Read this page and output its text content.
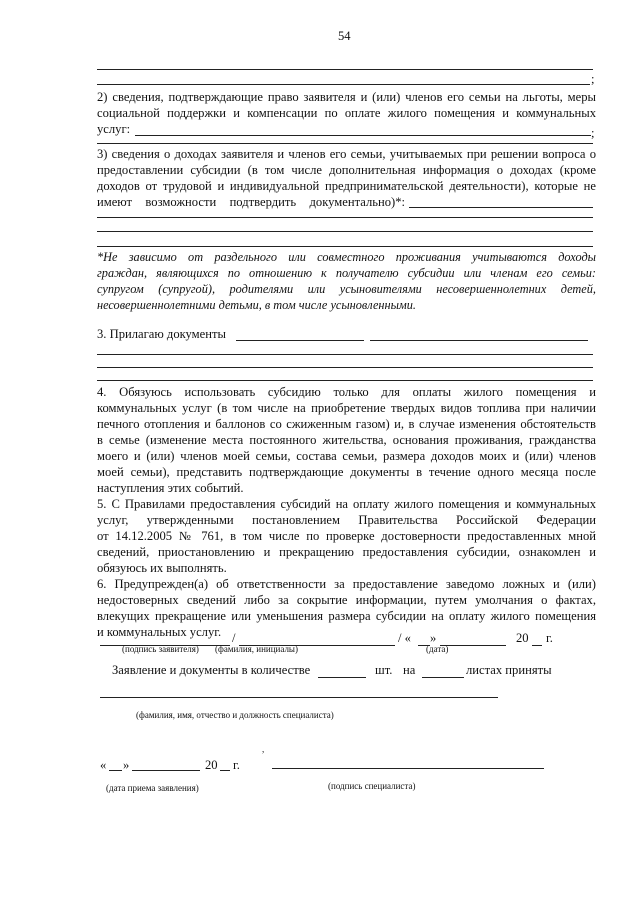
54
;
2) сведения, подтверждающие право заявителя и (или) членов его семьи на льготы, меры
социальной поддержки и компенсации по оплате жилого помещения и коммунальных
услуг:	;
3) сведения о доходах заявителя и членов его семьи, учитываемых при решении вопроса о
предоставлении субсидии (в том числе дополнительная информация о доходах (кроме
доходов от трудовой и индивидуальной предпринимательской деятельности), которые не
имеют возможности подтвердить документально)*:
*Не зависимо от раздельного или совместного проживания учитываются доходы
граждан, являющихся по отношению к получателю субсидии или членам его семьи:
супругом (супругой), родителями или усыновителями несовершеннолетних детей,
несовершеннолетними детьми, в том числе усыновленными.
3. Прилагаю документы
4. Обязуюсь использовать субсидию только для оплаты жилого помещения и
коммунальных услуг (в том числе на приобретение твердых видов топлива при наличии
печного отопления и баллонов со сжиженным газом) и, в случае изменения обстоятельств
в семье (изменение места постоянного жительства, основания проживания, гражданства
моего и (или) членов моей семьи, состава семьи, размера доходов моих и (или) членов
моей семьи), представить подтверждающие документы в течение одного месяца после
наступления этих событий.
5. С Правилами предоставления субсидий на оплату жилого помещения и коммунальных
услуг, утвержденными постановлением Правительства Российской Федерации
от 14.12.2005 № 761, в том числе по проверке достоверности предоставленных мной
сведений, приостановлению и прекращению предоставления субсидии, ознакомлен и
обязуюсь их выполнять.
6. Предупрежден(а) об ответственности за предоставление заведомо ложных и (или)
недостоверных сведений либо за сокрытие информации, путем умолчания о фактах,
влекущих прекращение или уменьшения размера субсидии на оплату жилого помещения
и коммунальных услуг. /	/ « »	20 г.
(подпись заявителя) (фамилия, инициалы)	(дата)
Заявление и документы в количестве	шт. на	листах приняты
(фамилия, имя, отчество и должность специалиста)
,
« »	20 г.
(дата приема заявления)	(подпись специалиста)
